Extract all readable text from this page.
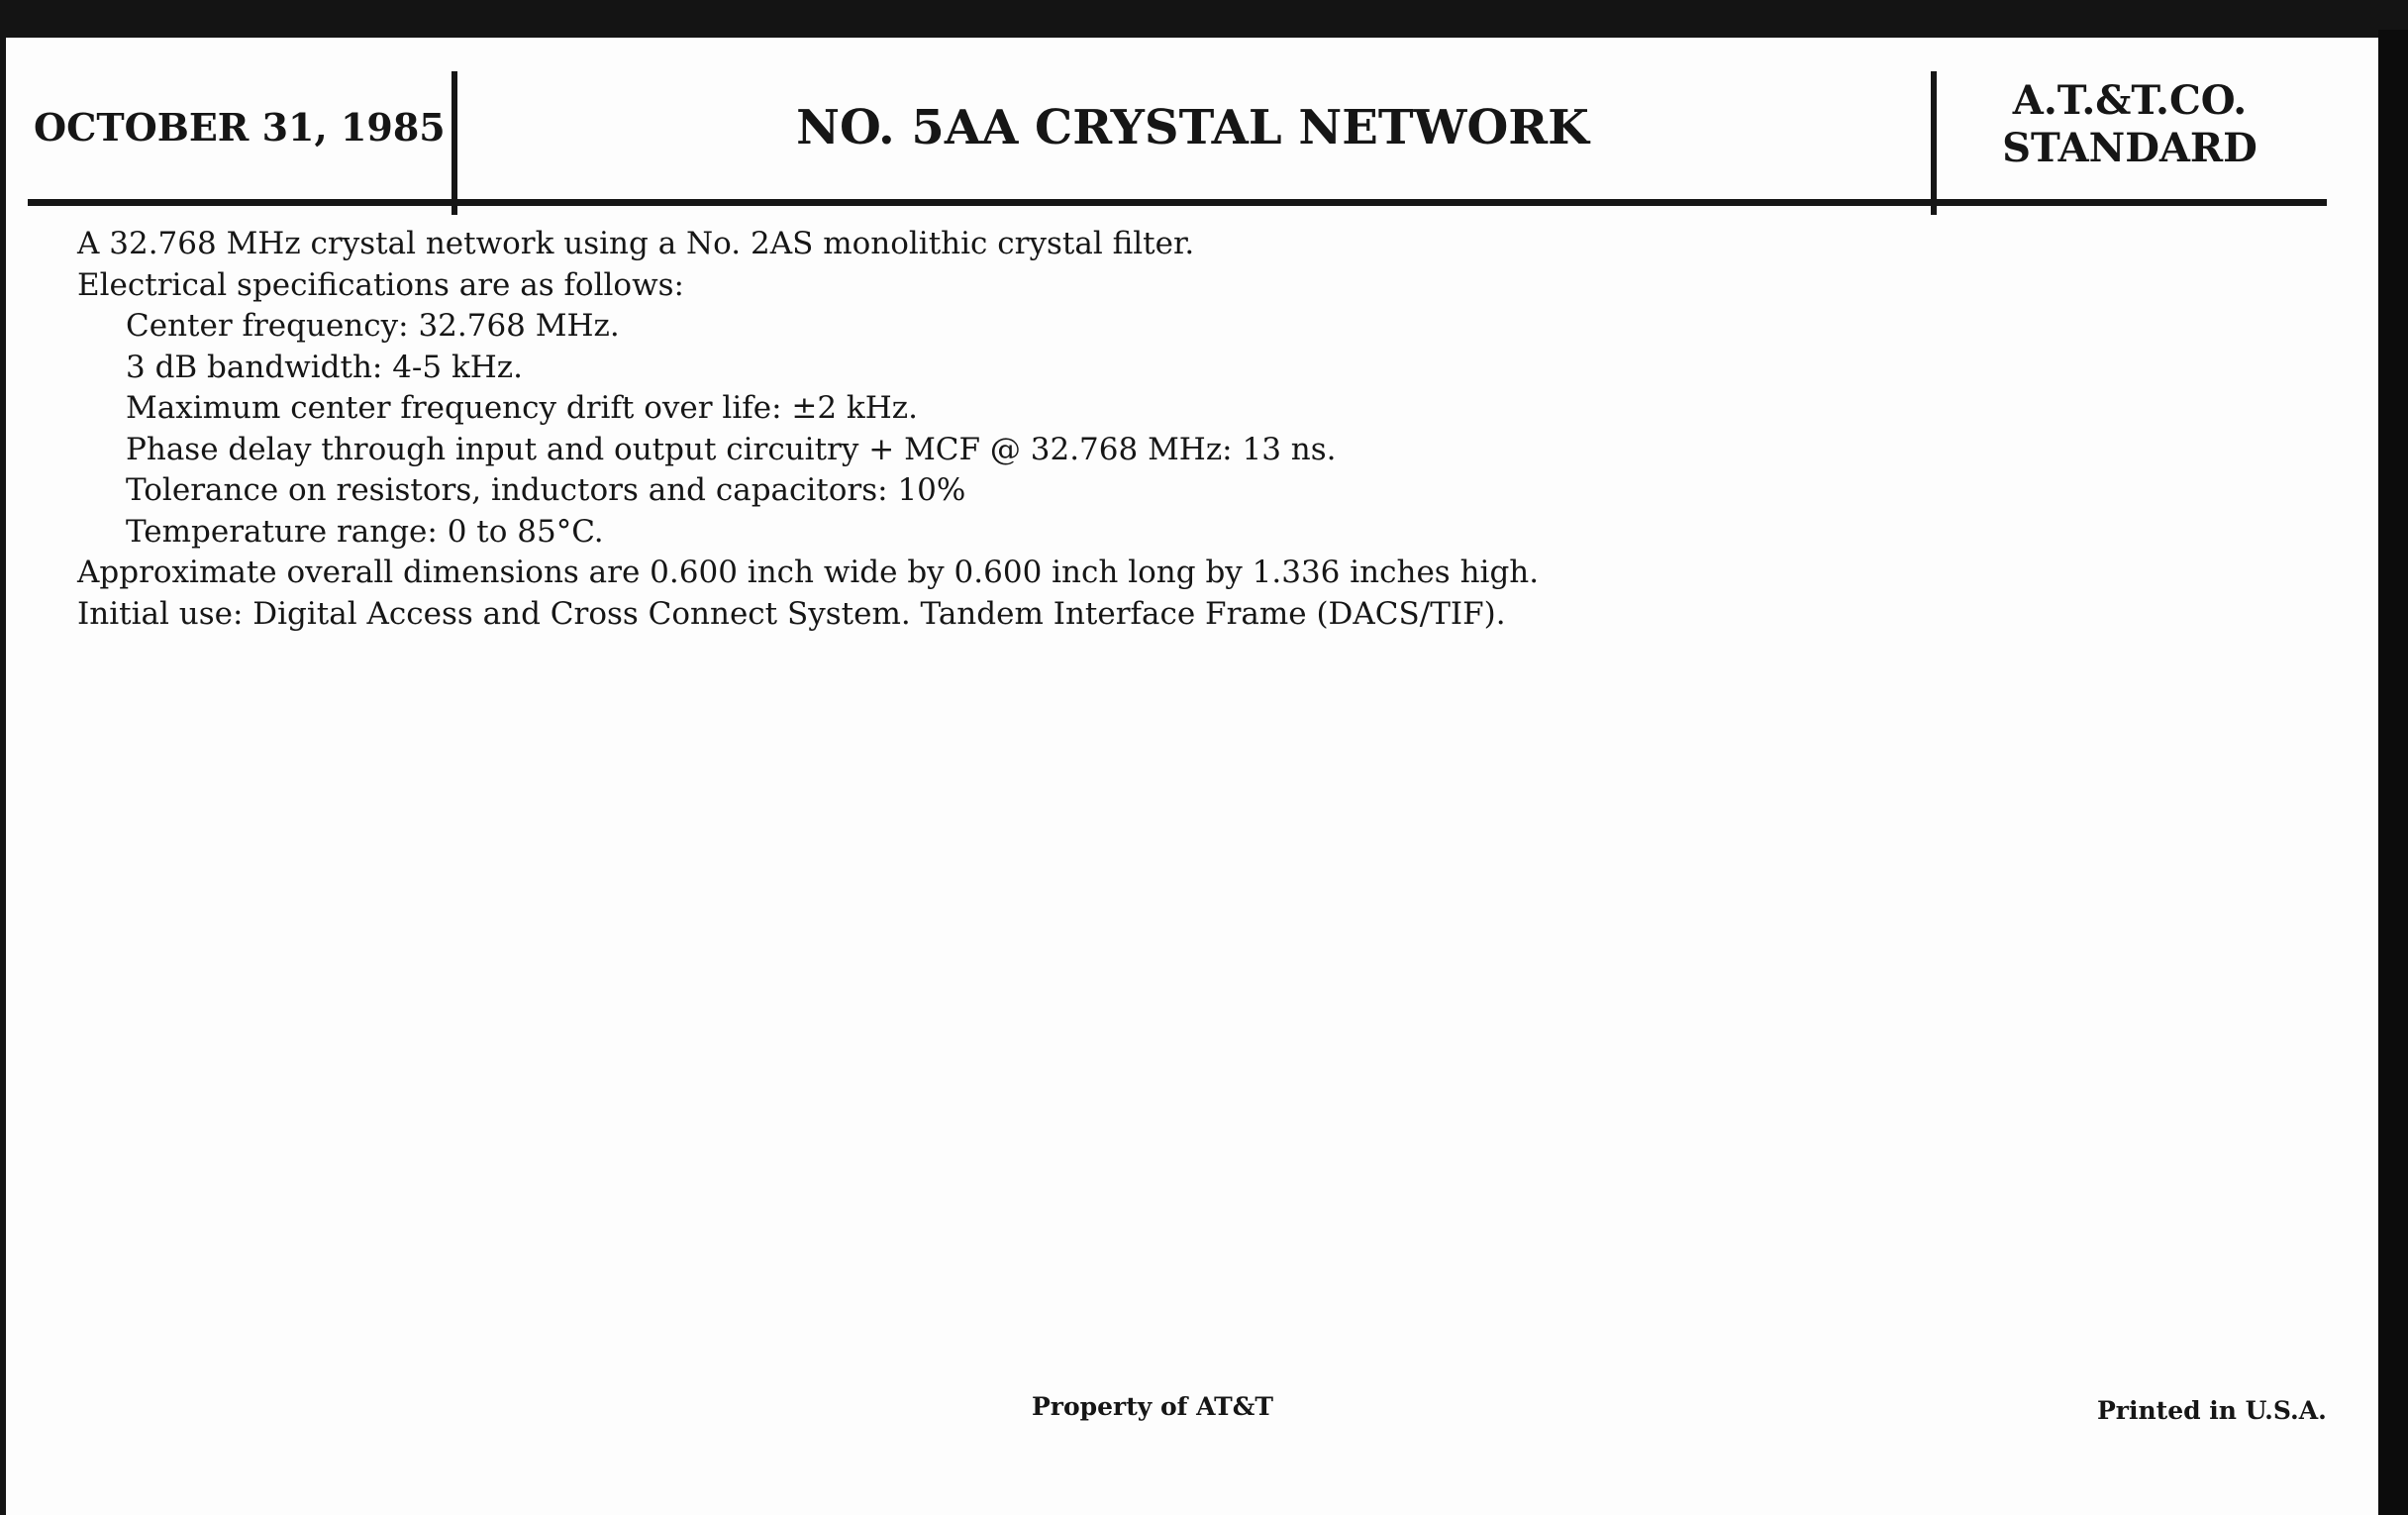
OCTOBER 31, 1985	NO. 5AA CRYSTAL NETWORK	A.T.&T.CO.
STANDARD
A 32.768 MHz crystal network using a No. 2AS monolithic crystal filter.
Electrical specifications are as follows:
Center frequency: 32.768 MHz.
3 dB bandwidth: 4-5 kHz.
Maximum center frequency drift over life: ±2 kHz.
Phase delay through input and output circuitry + MCF @ 32.768 MHz: 13 ns.
Tolerance on resistors, inductors and capacitors: 10%
Temperature range: 0 to 85°C.
Approximate overall dimensions are 0.600 inch wide by 0.600 inch long by 1.336 inches high.
Initial use: Digital Access and Cross Connect System. Tandem Interface Frame (DACS/TIF).
Property of AT&T	Printed in U.S.A.
